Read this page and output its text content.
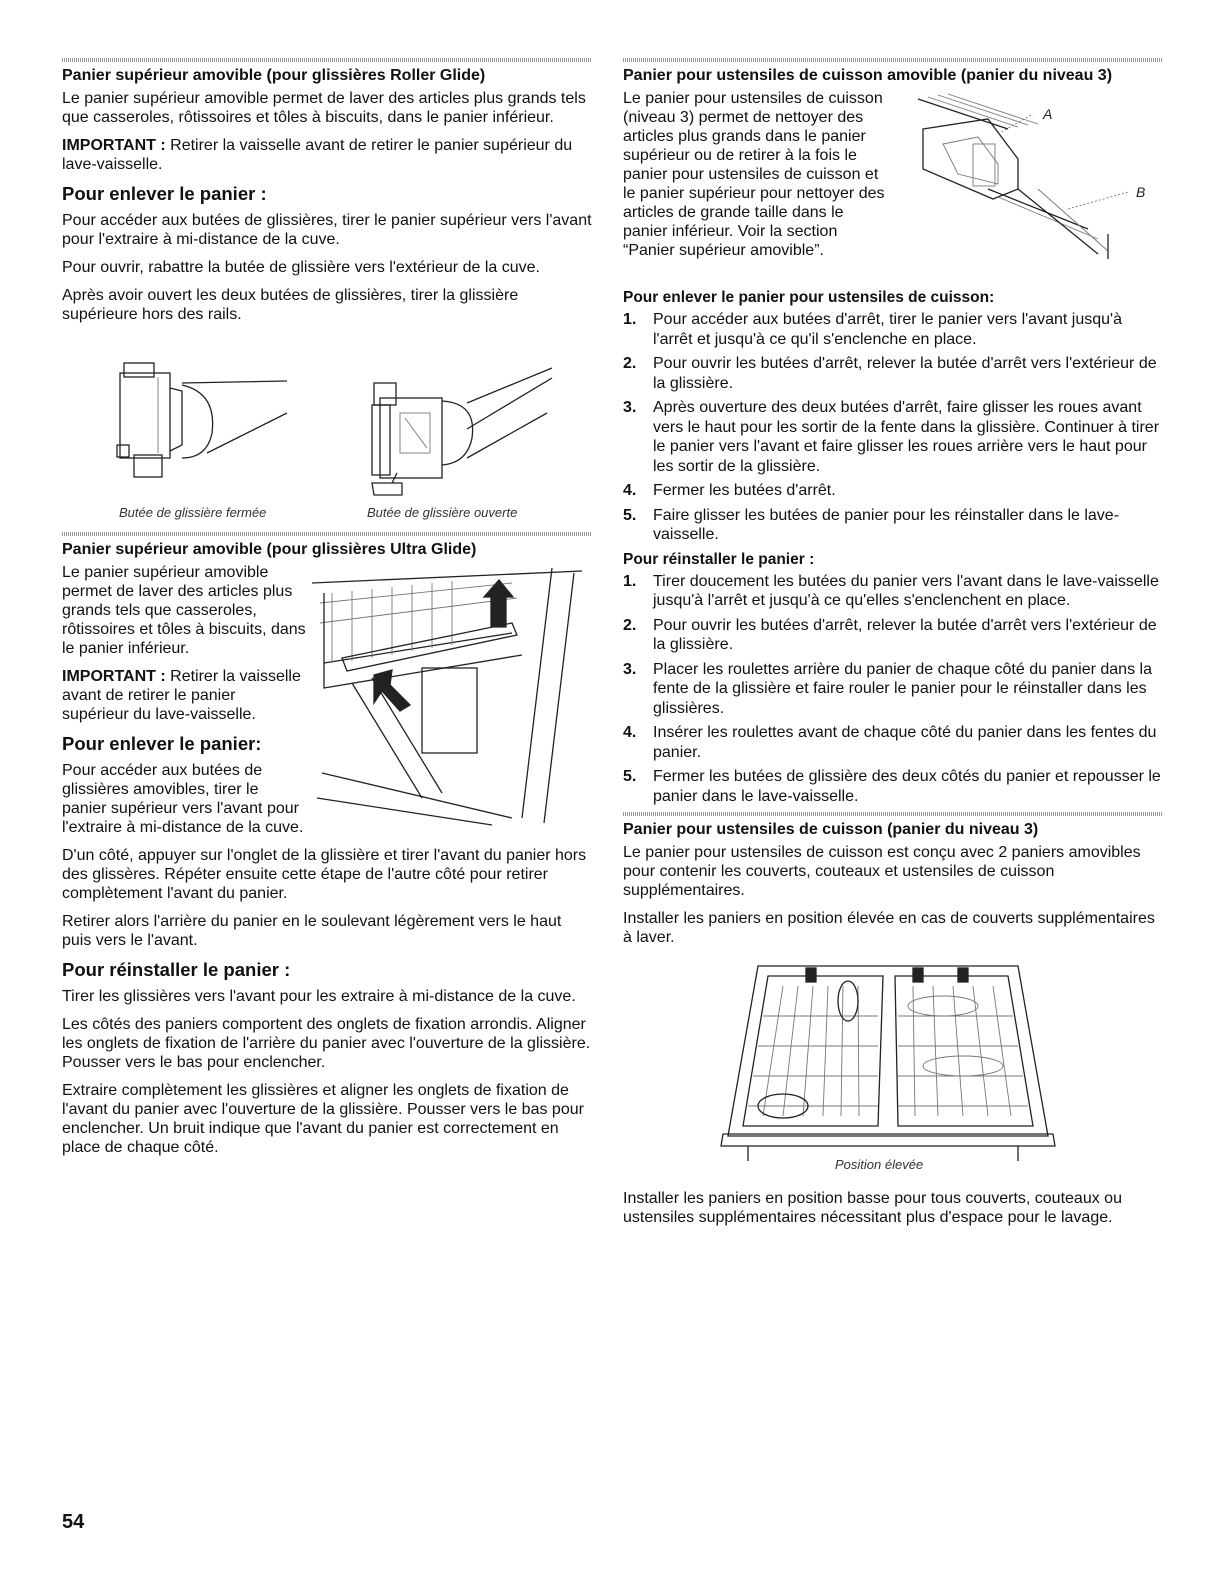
Panier supérieur amovible (pour glissières Roller Glide)

Le panier supérieur amovible permet de laver des articles plus grands tels que casseroles, rôtissoires et tôles à biscuits, dans le panier inférieur.

IMPORTANT : Retirer la vaisselle avant de retirer le panier supérieur du lave-vaisselle.

Pour enlever le panier :

Pour accéder aux butées de glissières, tirer le panier supérieur vers l'avant pour l'extraire à mi-distance de la cuve.

Pour ouvrir, rabattre la butée de glissière vers l'extérieur de la cuve.

Après avoir ouvert les deux butées de glissières, tirer la glissière supérieure hors des rails.

Butée de glissière fermée	Butée de glissière ouverte
Panier supérieur amovible (pour glissières Ultra Glide)

Le panier supérieur amovible permet de laver des articles plus grands tels que casseroles, rôtissoires et tôles à biscuits, dans le panier inférieur.

IMPORTANT : Retirer la vaisselle avant de retirer le panier supérieur du lave-vaisselle.

Pour enlever le panier:

Pour accéder aux butées de glissières amovibles, tirer le panier supérieur vers l'avant pour l'extraire à mi-distance de la cuve.

D'un côté, appuyer sur l'onglet de la glissière et tirer l'avant du panier hors des glissères. Répéter ensuite cette étape de l'autre côté pour retirer complètement l'avant du panier.

Retirer alors l'arrière du panier en le soulevant légèrement vers le haut puis vers le l'avant.

Pour réinstaller le panier :

Tirer les glissières vers l'avant pour les extraire à mi-distance de la cuve.

Les côtés des paniers comportent des onglets de fixation arrondis. Aligner les onglets de fixation de l'arrière du panier avec l'ouverture de la glissière. Pousser vers le bas pour enclencher.

Extraire complètement les glissières et aligner les onglets de fixation de l'avant du panier avec l'ouverture de la glissière. Pousser vers le bas pour enclencher. Un bruit indique que l'avant du panier est correctement en place de chaque côté.

Panier pour ustensiles de cuisson amovible (panier du niveau 3)
A
B

Le panier pour ustensiles de cuisson (niveau 3) permet de nettoyer des articles plus grands dans le panier supérieur ou de retirer à la fois le panier pour ustensiles de cuisson et le panier supérieur pour nettoyer des articles de grande taille dans le panier inférieur. Voir la section “Panier supérieur amovible”.

Pour enlever le panier pour ustensiles de cuisson:
1. Pour accéder aux butées d'arrêt, tirer le panier vers l'avant jusqu'à l'arrêt et jusqu'à ce qu'il s'enclenche en place.
2. Pour ouvrir les butées d'arrêt, relever la butée d'arrêt vers l'extérieur de la glissière.
3. Après ouverture des deux butées d'arrêt, faire glisser les roues avant vers le haut pour les sortir de la fente dans la glissière. Continuer à tirer le panier vers l'avant et faire glisser les roues arrière vers le haut pour les sortir de la glissière.
4. Fermer les butées d'arrêt.
5. Faire glisser les butées de panier pour les réinstaller dans le lave-vaisselle.
Pour réinstaller le panier :
1. Tirer doucement les butées du panier vers l'avant dans le lave-vaisselle jusqu'à l'arrêt et jusqu'à ce qu'elles s'enclenchent en place.
2. Pour ouvrir les butées d'arrêt, relever la butée d'arrêt vers l'extérieur de la glissière.
3. Placer les roulettes arrière du panier de chaque côté du panier dans la fente de la glissière et faire rouler le panier pour le réinstaller dans les glissières.
4. Insérer les roulettes avant de chaque côté du panier dans les fentes du panier.
5. Fermer les butées de glissière des deux côtés du panier et repousser le panier dans le lave-vaisselle.
Panier pour ustensiles de cuisson (panier du niveau 3)

Le panier pour ustensiles de cuisson est conçu avec 2 paniers amovibles pour contenir les couverts, couteaux et ustensiles de cuisson supplémentaires.

Installer les paniers en position élevée en cas de couverts supplémentaires à laver.

Position élevée

Installer les paniers en position basse pour tous couverts, couteaux ou ustensiles supplémentaires nécessitant plus d'espace pour le lavage.

54
